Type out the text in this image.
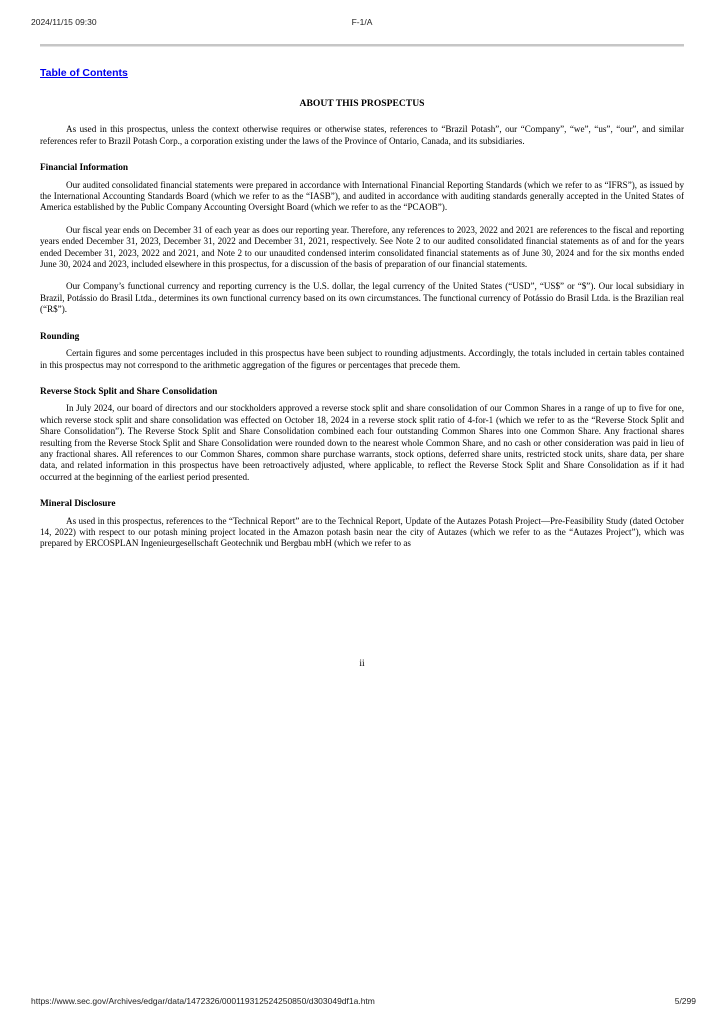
2024/11/15 09:30	F-1/A
Table of Contents
ABOUT THIS PROSPECTUS

As used in this prospectus, unless the context otherwise requires or otherwise states, references to “Brazil Potash”, our “Company”, “we”, “us”, “our”, and similar references refer to Brazil Potash Corp., a corporation existing under the laws of the Province of Ontario, Canada, and its subsidiaries.

Financial Information

Our audited consolidated financial statements were prepared in accordance with International Financial Reporting Standards (which we refer to as “IFRS”), as issued by the International Accounting Standards Board (which we refer to as the “IASB”), and audited in accordance with auditing standards generally accepted in the United States of America established by the Public Company Accounting Oversight Board (which we refer to as the “PCAOB”).

Our fiscal year ends on December 31 of each year as does our reporting year. Therefore, any references to 2023, 2022 and 2021 are references to the fiscal and reporting years ended December 31, 2023, December 31, 2022 and December 31, 2021, respectively. See Note 2 to our audited consolidated financial statements as of and for the years ended December 31, 2023, 2022 and 2021, and Note 2 to our unaudited condensed interim consolidated financial statements as of June 30, 2024 and for the six months ended June 30, 2024 and 2023, included elsewhere in this prospectus, for a discussion of the basis of preparation of our financial statements.

Our Company’s functional currency and reporting currency is the U.S. dollar, the legal currency of the United States (“USD”, “US$” or “$”). Our local subsidiary in Brazil, Potássio do Brasil Ltda., determines its own functional currency based on its own circumstances. The functional currency of Potássio do Brasil Ltda. is the Brazilian real (“R$”).

Rounding

Certain figures and some percentages included in this prospectus have been subject to rounding adjustments. Accordingly, the totals included in certain tables contained in this prospectus may not correspond to the arithmetic aggregation of the figures or percentages that precede them.

Reverse Stock Split and Share Consolidation

In July 2024, our board of directors and our stockholders approved a reverse stock split and share consolidation of our Common Shares in a range of up to five for one, which reverse stock split and share consolidation was effected on October 18, 2024 in a reverse stock split ratio of 4-for-1 (which we refer to as the “Reverse Stock Split and Share Consolidation”). The Reverse Stock Split and Share Consolidation combined each four outstanding Common Shares into one Common Share. Any fractional shares resulting from the Reverse Stock Split and Share Consolidation were rounded down to the nearest whole Common Share, and no cash or other consideration was paid in lieu of any fractional shares. All references to our Common Shares, common share purchase warrants, stock options, deferred share units, restricted stock units, share data, per share data, and related information in this prospectus have been retroactively adjusted, where applicable, to reflect the Reverse Stock Split and Share Consolidation as if it had occurred at the beginning of the earliest period presented.

Mineral Disclosure

As used in this prospectus, references to the “Technical Report” are to the Technical Report, Update of the Autazes Potash Project—Pre-Feasibility Study (dated October 14, 2022) with respect to our potash mining project located in the Amazon potash basin near the city of Autazes (which we refer to as the “Autazes Project”), which was prepared by ERCOSPLAN Ingenieurgesellschaft Geotechnik und Bergbau mbH (which we refer to as

ii
https://www.sec.gov/Archives/edgar/data/1472326/000119312524250850/d303049df1a.htm	5/299
